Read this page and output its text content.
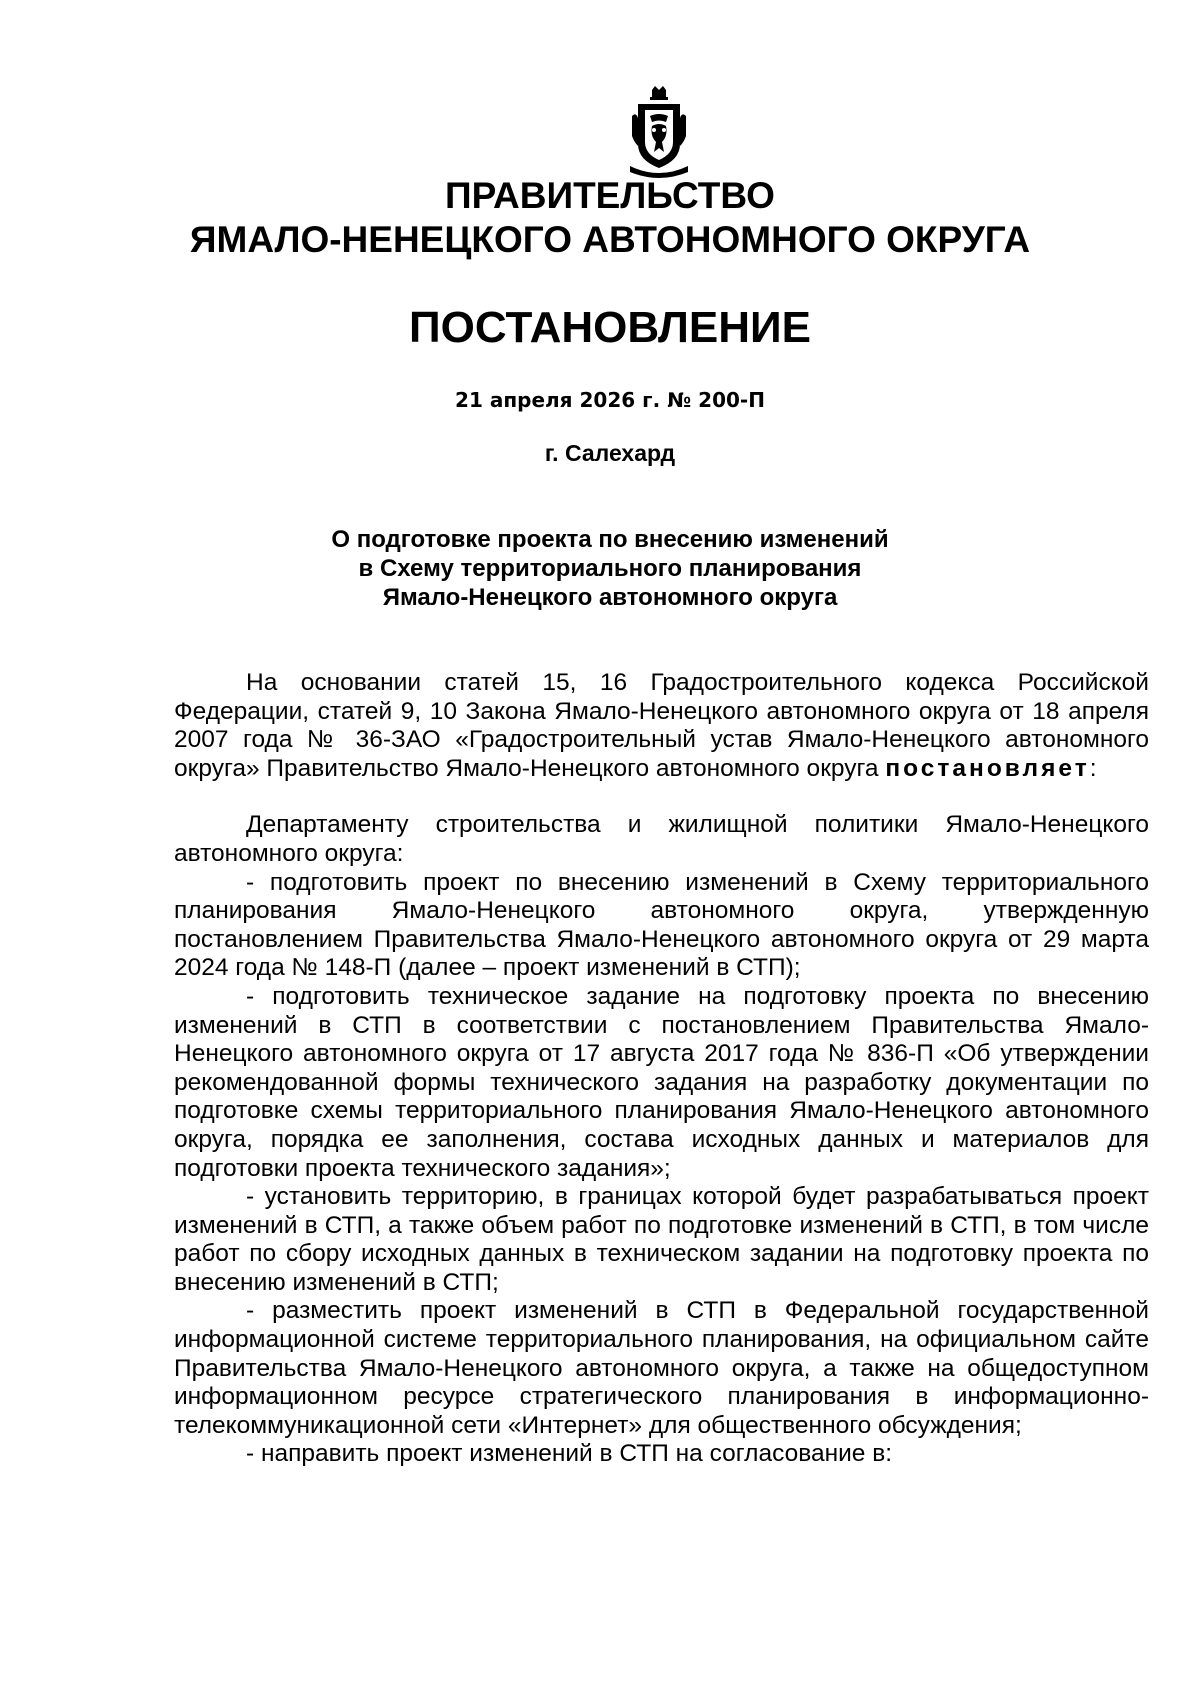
ПРАВИТЕЛЬСТВО
ЯМАЛО-НЕНЕЦКОГО АВТОНОМНОГО ОКРУГА
ПОСТАНОВЛЕНИЕ
21 апреля 2026 г. № 200-П
г. Салехард
О подготовке проекта по внесению изменений
в Схему территориального планирования
Ямало-Ненецкого автономного округа

На основании статей 15, 16 Градостроительного кодекса Российской Федерации, статей 9, 10 Закона Ямало-Ненецкого автономного округа от 18 апреля 2007 года № 36-ЗАО «Градостроительный устав Ямало-Ненецкого автономного округа» Правительство Ямало-Ненецкого автономного округа постановляет:

Департаменту строительства и жилищной политики Ямало-Ненецкого автономного округа:

- подготовить проект по внесению изменений в Схему территориального планирования Ямало-Ненецкого автономного округа, утвержденную постановлением Правительства Ямало-Ненецкого автономного округа от 29 марта 2024 года № 148-П (далее – проект изменений в СТП);

- подготовить техническое задание на подготовку проекта по внесению изменений в СТП в соответствии с постановлением Правительства Ямало-Ненецкого автономного округа от 17 августа 2017 года № 836-П «Об утверждении рекомендованной формы технического задания на разработку документации по подготовке схемы территориального планирования Ямало-Ненецкого автономного округа, порядка ее заполнения, состава исходных данных и материалов для подготовки проекта технического задания»;

- установить территорию, в границах которой будет разрабатываться проект изменений в СТП, а также объем работ по подготовке изменений в СТП, в том числе работ по сбору исходных данных в техническом задании на подготовку проекта по внесению изменений в СТП;

- разместить проект изменений в СТП в Федеральной государственной информационной системе территориального планирования, на официальном сайте Правительства Ямало-Ненецкого автономного округа, а также на общедоступном информационном ресурсе стратегического планирования в информационно-телекоммуникационной сети «Интернет» для общественного обсуждения;

- направить проект изменений в СТП на согласование в:
